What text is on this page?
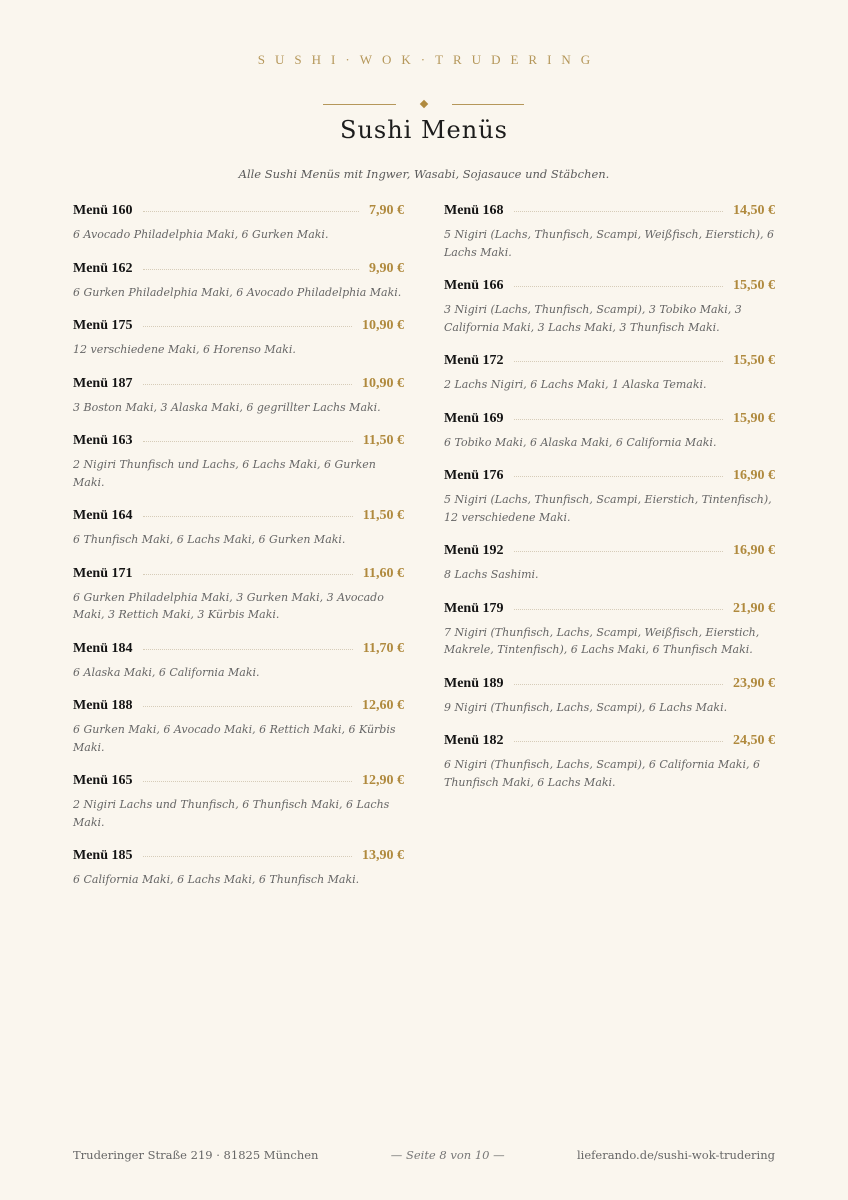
SUSHI·WOK·TRUDERING
Sushi Menüs
Alle Sushi Menüs mit Ingwer, Wasabi, Sojasauce und Stäbchen.
Menü 160	7,90 €
6 Avocado Philadelphia Maki, 6 Gurken Maki.
Menü 162	9,90 €
6 Gurken Philadelphia Maki, 6 Avocado Philadelphia Maki.
Menü 175	10,90 €
12 verschiedene Maki, 6 Horenso Maki.
Menü 187	10,90 €
3 Boston Maki, 3 Alaska Maki, 6 gegrillter Lachs Maki.
Menü 163	11,50 €
2 Nigiri Thunfisch und Lachs, 6 Lachs Maki, 6 Gurken Maki.
Menü 164	11,50 €
6 Thunfisch Maki, 6 Lachs Maki, 6 Gurken Maki.
Menü 171	11,60 €
6 Gurken Philadelphia Maki, 3 Gurken Maki, 3 Avocado Maki, 3 Rettich Maki, 3 Kürbis Maki.
Menü 184	11,70 €
6 Alaska Maki, 6 California Maki.
Menü 188	12,60 €
6 Gurken Maki, 6 Avocado Maki, 6 Rettich Maki, 6 Kürbis Maki.
Menü 165	12,90 €
2 Nigiri Lachs und Thunfisch, 6 Thunfisch Maki, 6 Lachs Maki.
Menü 185	13,90 €
6 California Maki, 6 Lachs Maki, 6 Thunfisch Maki.
Menü 168	14,50 €
5 Nigiri (Lachs, Thunfisch, Scampi, Weißfisch, Eierstich), 6 Lachs Maki.
Menü 166	15,50 €
3 Nigiri (Lachs, Thunfisch, Scampi), 3 Tobiko Maki, 3 California Maki, 3 Lachs Maki, 3 Thunfisch Maki.
Menü 172	15,50 €
2 Lachs Nigiri, 6 Lachs Maki, 1 Alaska Temaki.
Menü 169	15,90 €
6 Tobiko Maki, 6 Alaska Maki, 6 California Maki.
Menü 176	16,90 €
5 Nigiri (Lachs, Thunfisch, Scampi, Eierstich, Tintenfisch), 12 verschiedene Maki.
Menü 192	16,90 €
8 Lachs Sashimi.
Menü 179	21,90 €
7 Nigiri (Thunfisch, Lachs, Scampi, Weißfisch, Eierstich, Makrele, Tintenfisch), 6 Lachs Maki, 6 Thunfisch Maki.
Menü 189	23,90 €
9 Nigiri (Thunfisch, Lachs, Scampi), 6 Lachs Maki.
Menü 182	24,50 €
6 Nigiri (Thunfisch, Lachs, Scampi), 6 California Maki, 6 Thunfisch Maki, 6 Lachs Maki.
Truderinger Straße 219 · 81825 München	— Seite 8 von 10 —	lieferando.de/sushi-wok-trudering
